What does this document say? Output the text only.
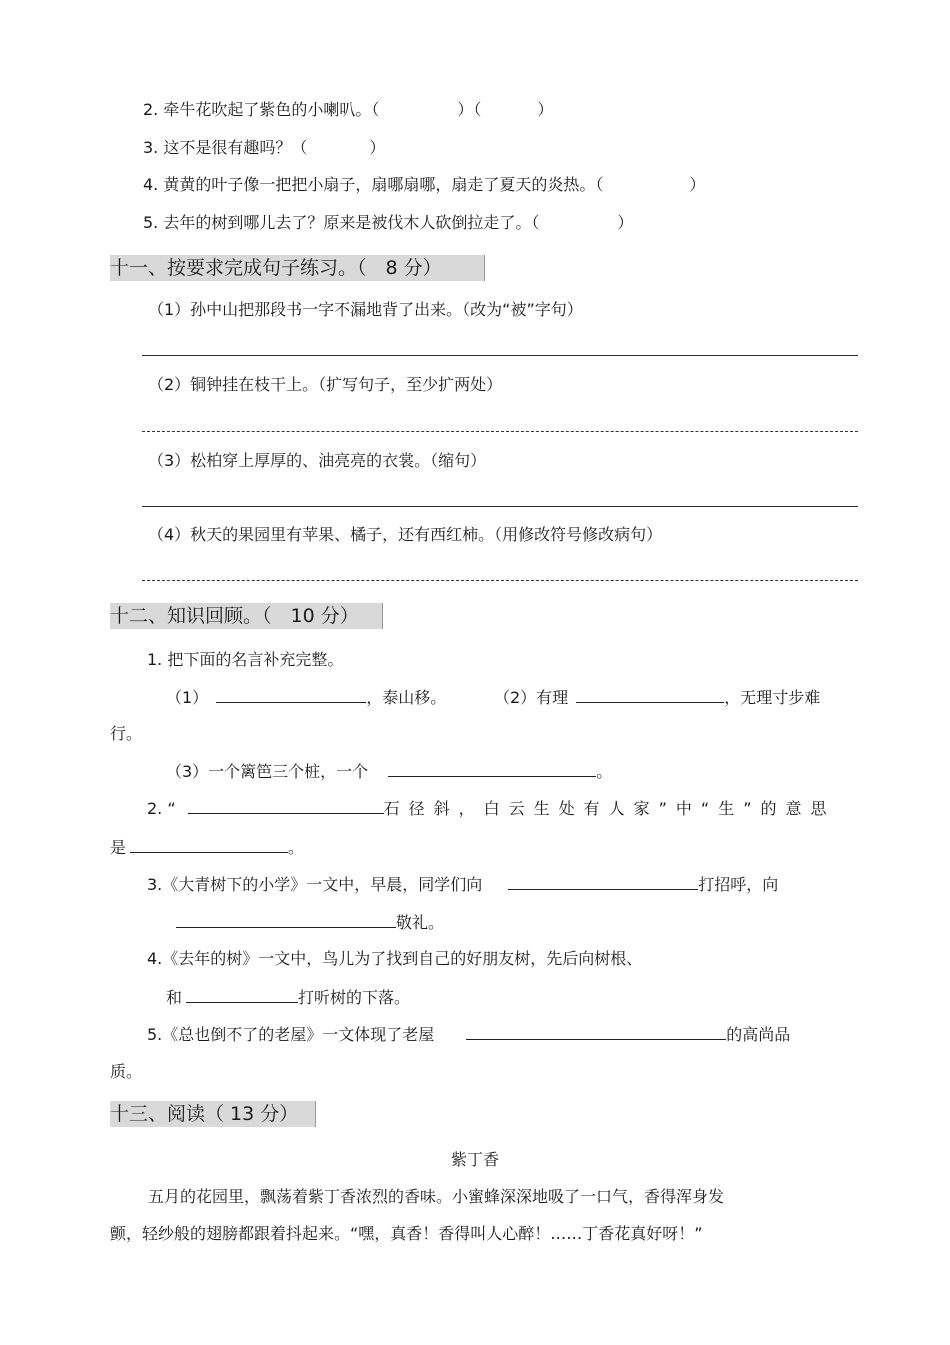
2. 牵牛花吹起了紫色的小喇叭。（	）（	）
3. 这不是很有趣吗？（	）
4. 黄黄的叶子像一把把小扇子，扇哪扇哪，扇走了夏天的炎热。（	）
5. 去年的树到哪儿去了？原来是被伐木人砍倒拉走了。（	）
十一、按要求完成句子练习。（　8 分）
（1）孙中山把那段书一字不漏地背了出来。（改为“被”字句）
（2）铜钟挂在枝干上。（扩写句子，至少扩两处）
（3）松柏穿上厚厚的、油亮亮的衣裳。（缩句）
（4）秋天的果园里有苹果、橘子，还有西红柿。（用修改符号修改病句）
十二、知识回顾。（　10 分）
1. 把下面的名言补充完整。
（1）	，泰山移。	（2）有理	，无理寸步难
行。
（3）一个篱笆三个桩，一个	。
2. “	石径斜，白云生处有人家”中“生”的意思
是	。
3.《大青树下的小学》一文中，早晨，同学们向	打招呼，向
敬礼。
4.《去年的树》一文中，鸟儿为了找到自己的好朋友树，先后向树根、
和	打听树的下落。
5.《总也倒不了的老屋》一文体现了老屋	的高尚品
质。
十三、阅读（ 13 分）
紫丁香
五月的花园里，飘荡着紫丁香浓烈的香味。小蜜蜂深深地吸了一口气，香得浑身发
颤，轻纱般的翅膀都跟着抖起来。“嘿，真香！香得叫人心醉！……丁香花真好呀！”
